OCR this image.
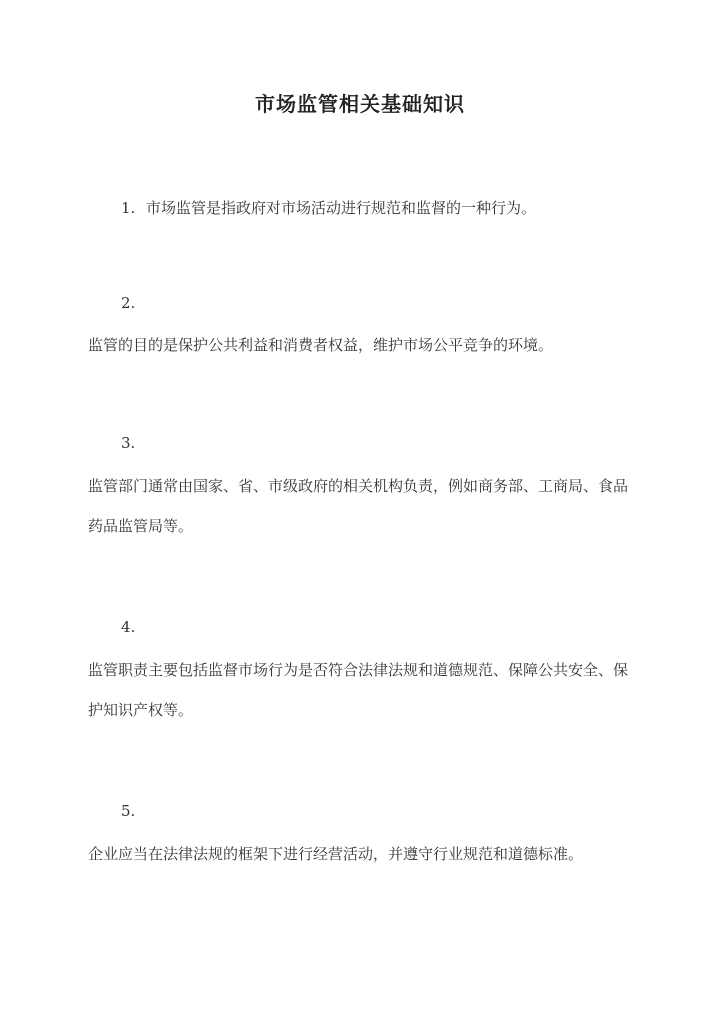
市场监管相关基础知识
1. 市场监管是指政府对市场活动进行规范和监督的一种行为。
2.

监管的目的是保护公共利益和消费者权益，维护市场公平竞争的环境。

3.

监管部门通常由国家、省、市级政府的相关机构负责，例如商务部、工商局、食品药品监管局等。

4.

监管职责主要包括监督市场行为是否符合法律法规和道德规范、保障公共安全、保护知识产权等。

5.

企业应当在法律法规的框架下进行经营活动，并遵守行业规范和道德标准。
